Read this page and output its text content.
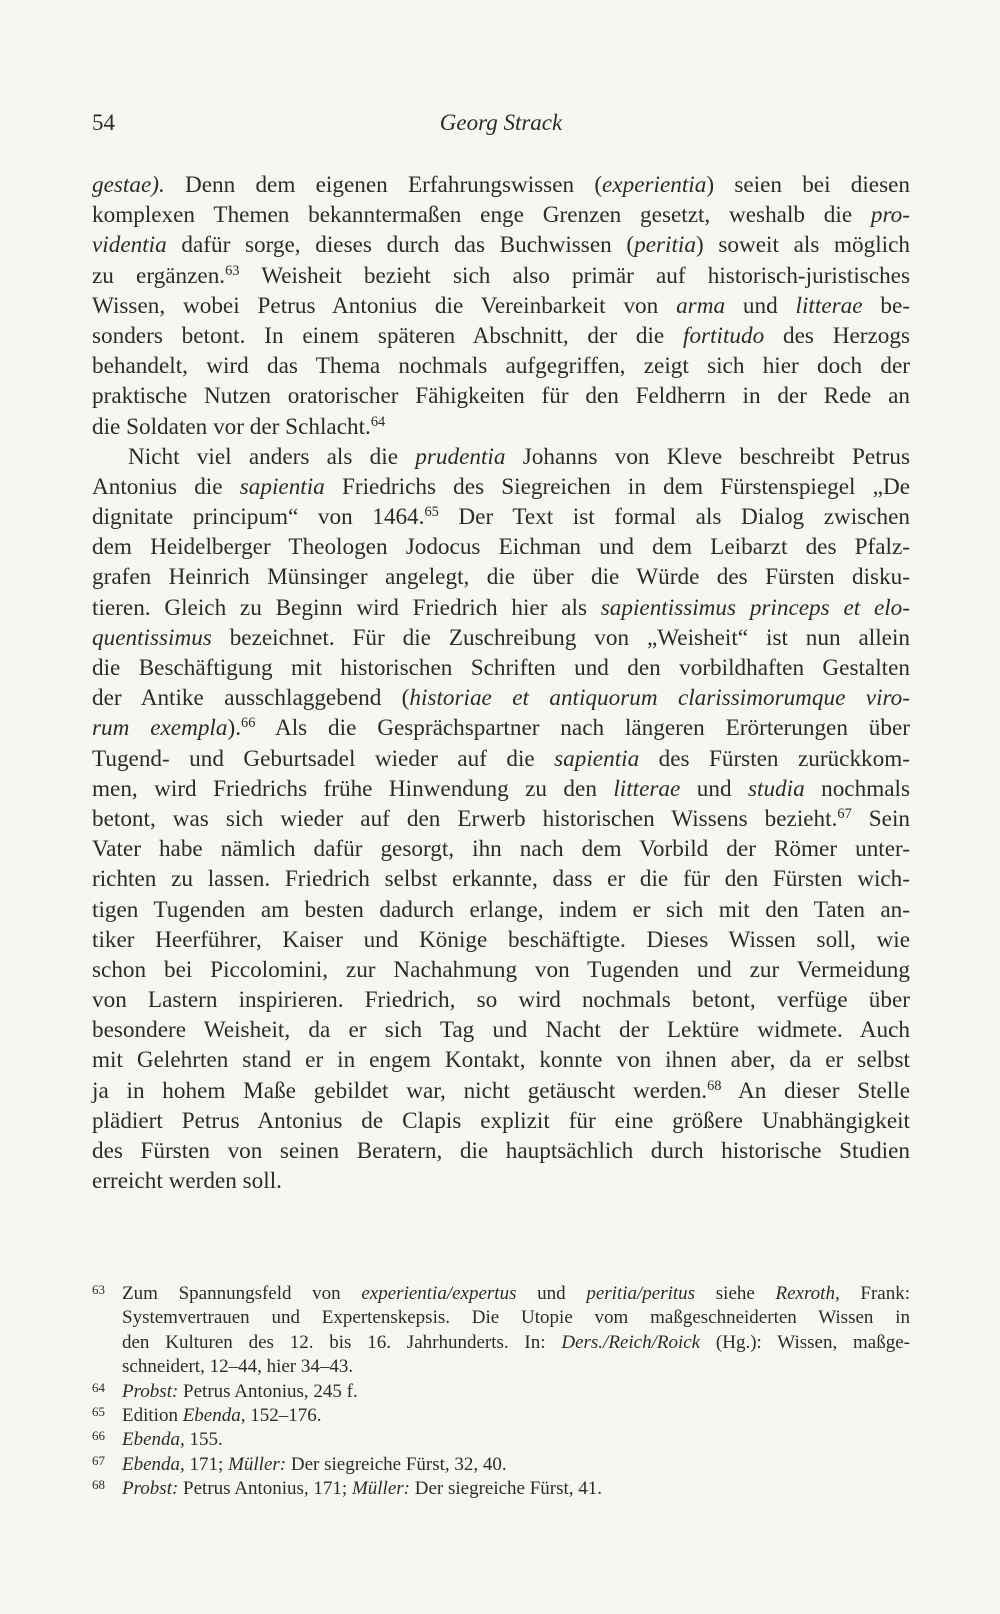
54	Georg Strack
gestae). Denn dem eigenen Erfahrungswissen (experientia) seien bei diesen
komplexen Themen bekanntermaßen enge Grenzen gesetzt, weshalb die pro-
videntia dafür sorge, dieses durch das Buchwissen (peritia) soweit als möglich
zu ergänzen.$^{63}$ Weisheit bezieht sich also primär auf historisch-juristisches
Wissen, wobei Petrus Antonius die Vereinbarkeit von arma und litterae be-
sonders betont. In einem späteren Abschnitt, der die fortitudo des Herzogs
behandelt, wird das Thema nochmals aufgegriffen, zeigt sich hier doch der
praktische Nutzen oratorischer Fähigkeiten für den Feldherrn in der Rede an
die Soldaten vor der Schlacht.$^{64}$
Nicht viel anders als die prudentia Johanns von Kleve beschreibt Petrus
Antonius die sapientia Friedrichs des Siegreichen in dem Fürstenspiegel „De
dignitate principum“ von 1464.65 Der Text ist formal als Dialog zwischen
dem Heidelberger Theologen Jodocus Eichman und dem Leibarzt des Pfalz-
grafen Heinrich Münsinger angelegt, die über die Würde des Fürsten disku-
tieren. Gleich zu Beginn wird Friedrich hier als sapientissimus princeps et elo-
quentissimus bezeichnet. Für die Zuschreibung von „Weisheit“ ist nun allein
die Beschäftigung mit historischen Schriften und den vorbildhaften Gestalten
der Antike ausschlaggebend (historiae et antiquorum clarissimorumque viro-
rum exempla).$^{66}$ Als die Gesprächspartner nach längeren Erörterungen über
Tugend- und Geburtsadel wieder auf die sapientia des Fürsten zurückkom-
men, wird Friedrichs frühe Hinwendung zu den litterae und studia nochmals
betont, was sich wieder auf den Erwerb historischen Wissens bezieht.$^{67}$ Sein
Vater habe nämlich dafür gesorgt, ihn nach dem Vorbild der Römer unter-
richten zu lassen. Friedrich selbst erkannte, dass er die für den Fürsten wich-
tigen Tugenden am besten dadurch erlange, indem er sich mit den Taten an-
tiker Heerführer, Kaiser und Könige beschäftigte. Dieses Wissen soll, wie
schon bei Piccolomini, zur Nachahmung von Tugenden und zur Vermeidung
von Lastern inspirieren. Friedrich, so wird nochmals betont, verfüge über
besondere Weisheit, da er sich Tag und Nacht der Lektüre widmete. Auch
mit Gelehrten stand er in engem Kontakt, konnte von ihnen aber, da er selbst
ja in hohem Maße gebildet war, nicht getäuscht werden.$^{68}$ An dieser Stelle
plädiert Petrus Antonius de Clapis explizit für eine größere Unabhängigkeit
des Fürsten von seinen Beratern, die hauptsächlich durch historische Studien
erreicht werden soll.
63 Zum Spannungsfeld von experientia/expertus und peritia/peritus siehe Rexroth, Frank:
Systemvertrauen und Expertenskepsis. Die Utopie vom maßgeschneiderten Wissen in
den Kulturen des 12. bis 16. Jahrhunderts. In: Ders./Reich/Roick (Hg.): Wissen, maßge-
schneidert, 12–44, hier 34–43.
64 Probst: Petrus Antonius, 245 f.
65 Edition Ebenda, 152–176.
66 Ebenda, 155.
67 Ebenda, 171; Müller: Der siegreiche Fürst, 32, 40.
68 Probst: Petrus Antonius, 171; Müller: Der siegreiche Fürst, 41.
